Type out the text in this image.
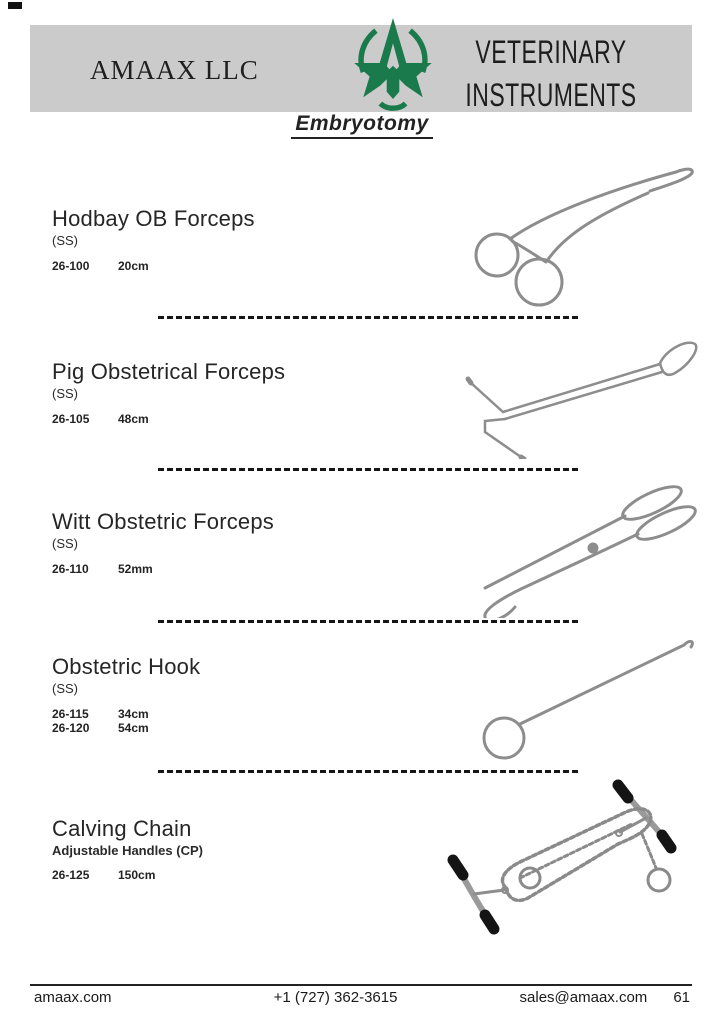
AMAAX LLC	VETERINARY
INSTRUMENTS
Embryotomy
Hodbay OB Forceps
(SS)
26-100 20cm
Pig Obstetrical Forceps
(SS)
26-105 48cm
Witt Obstetric Forceps
(SS)
26-110 52mm
Obstetric Hook
(SS)
26-115 34cm
26-120 54cm
Calving Chain
Adjustable Handles (CP)
26-125 150cm
amaax.com	+1 (727) 362-3615	sales@amaax.com 61
